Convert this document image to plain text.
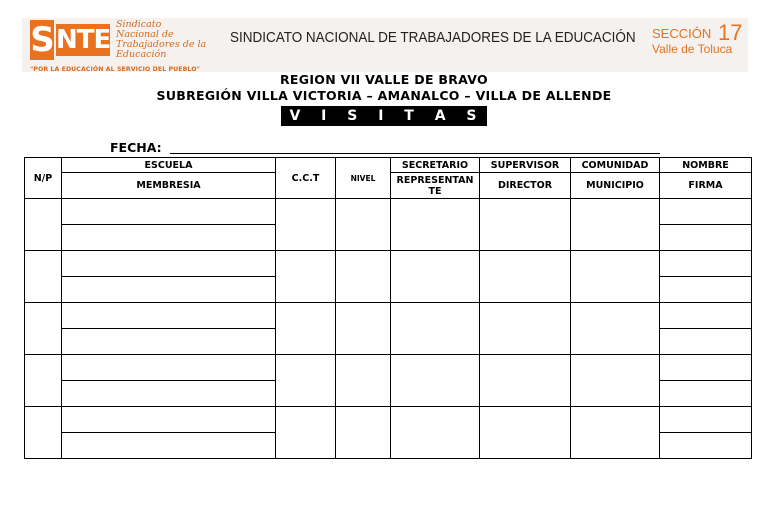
S NTE
Sindicato
Nacional de
Trabajadores de la
Educación
"POR LA EDUCACIÓN AL SERVICIO DEL PUEBLO"
SINDICATO NACIONAL DE TRABAJADORES DE LA EDUCACIÓN SECCIÓN 17
Valle de Toluca
REGION VII VALLE DE BRAVO
SUBREGIÓN VILLA VICTORIA – AMANALCO – VILLA DE ALLENDE
V I S I T A S
FECHA:
N/P	ESCUELA	C.C.T	NIVEL	SECRETARIO	SUPERVISOR	COMUNIDAD	NOMBRE
	MEMBRESIA			REPRESENTAN TE	DIRECTOR	MUNICIPIO	FIRMA
